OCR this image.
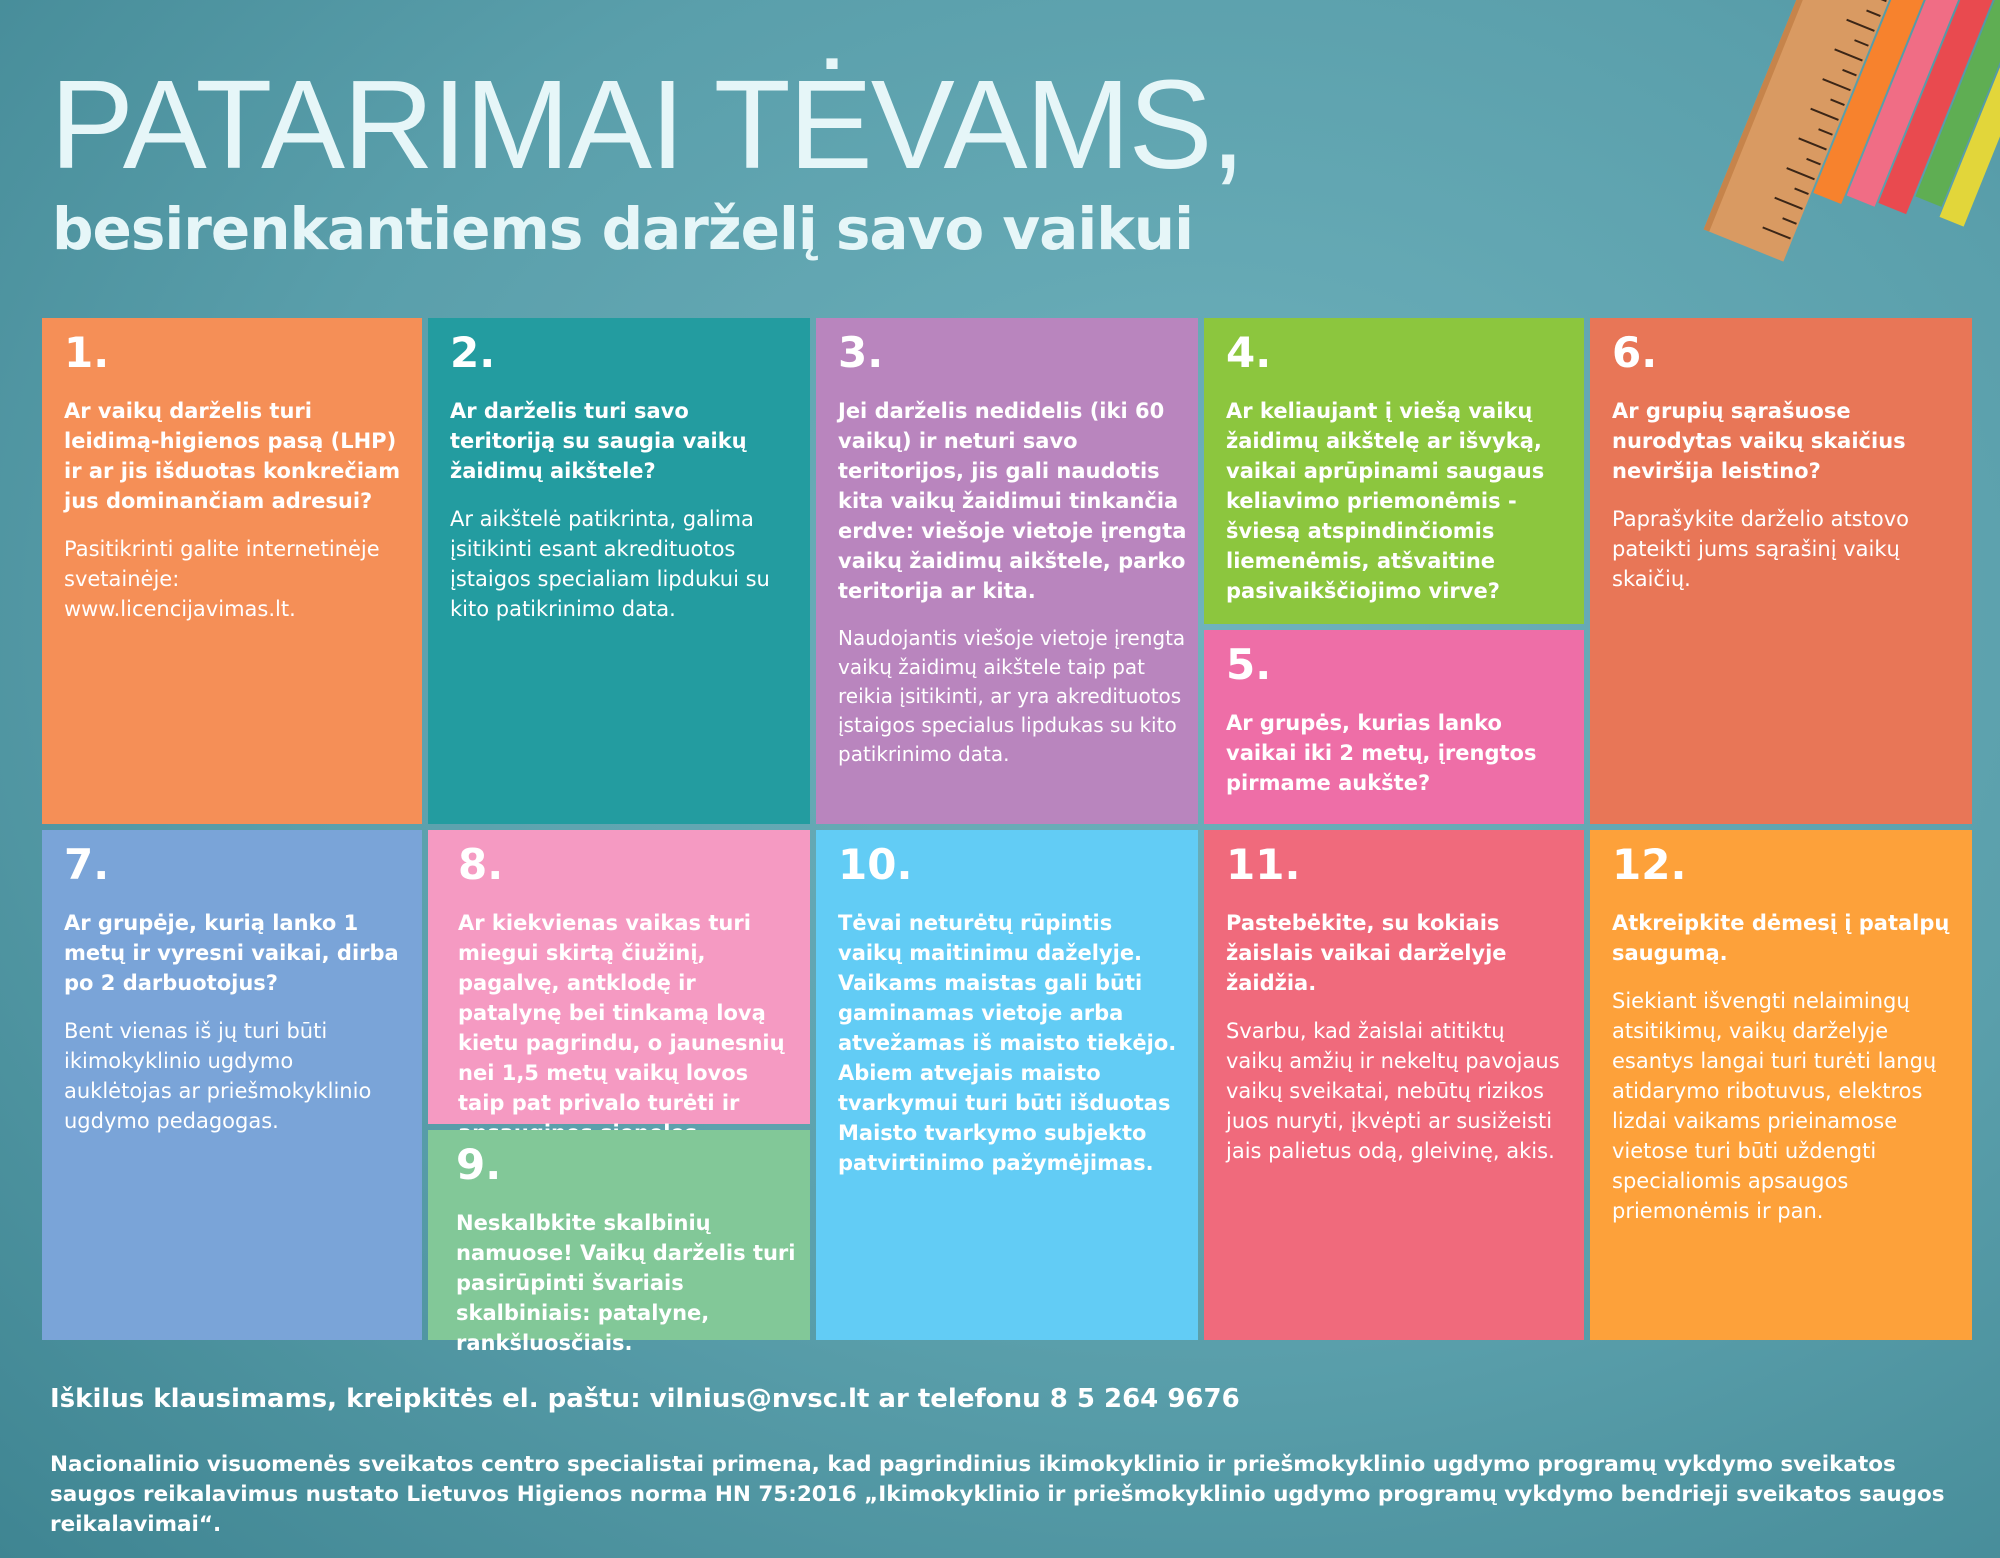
PATARIMAI TĖVAMS,
besirenkantiems darželį savo vaikui

1.

Ar vaikų darželis turi leidimą-higienos pasą (LHP) ir ar jis išduotas konkrečiam jus dominančiam adresui?

Pasitikrinti galite internetinėje svetainėje: www.licencijavimas.lt.

2.

Ar darželis turi savo teritoriją su saugia vaikų žaidimų aikštele?

Ar aikštelė patikrinta, galima įsitikinti esant akredituotos įstaigos specialiam lipdukui su kito patikrinimo data.

3.

Jei darželis nedidelis (iki 60 vaikų) ir neturi savo teritorijos, jis gali naudotis kita vaikų žaidimui tinkančia erdve: viešoje vietoje įrengta vaikų žaidimų aikštele, parko teritorija ar kita.

Naudojantis viešoje vietoje įrengta vaikų žaidimų aikštele taip pat reikia įsitikinti, ar yra akredituotos įstaigos specialus lipdukas su kito patikrinimo data.

4.

Ar keliaujant į viešą vaikų žaidimų aikštelę ar išvyką, vaikai aprūpinami saugaus keliavimo priemonėmis - šviesą atspindinčiomis liemenėmis, atšvaitine pasivaikščiojimo virve?

5.

Ar grupės, kurias lanko vaikai iki 2 metų, įrengtos pirmame aukšte?

6.

Ar grupių sąrašuose nurodytas vaikų skaičius neviršija leistino?

Paprašykite darželio atstovo pateikti jums sąrašinį vaikų skaičių.

7.

Ar grupėje, kurią lanko 1 metų ir vyresni vaikai, dirba po 2 darbuotojus?

Bent vienas iš jų turi būti ikimokyklinio ugdymo auklėtojas ar priešmokyklinio ugdymo pedagogas.

8.

Ar kiekvienas vaikas turi miegui skirtą čiužinį, pagalvę, antklodę ir patalynę bei tinkamą lovą kietu pagrindu, o jaunesnių nei 1,5 metų vaikų lovos taip pat privalo turėti ir

9.

Neskalbkite skalbinių namuose! Vaikų darželis turi pasirūpinti švariais skalbiniais: patalyne, rankšluosčiais.

10.

Tėvai neturėtų rūpintis vaikų maitinimu daželyje. Vaikams maistas gali būti gaminamas vietoje arba atvežamas iš maisto tiekėjo. Abiem atvejais maisto tvarkymui turi būti išduotas Maisto tvarkymo subjekto patvirtinimo pažymėjimas.

11.

Pastebėkite, su kokiais žaislais vaikai darželyje žaidžia.

Svarbu, kad žaislai atitiktų vaikų amžių ir nekeltų pavojaus vaikų sveikatai, nebūtų rizikos juos nuryti, įkvėpti ar susižeisti jais palietus odą, gleivinę, akis.

12.

Atkreipkite dėmesį į patalpų saugumą.

Siekiant išvengti nelaimingų atsitikimų, vaikų darželyje esantys langai turi turėti langų atidarymo ribotuvus, elektros lizdai vaikams prieinamose vietose turi būti uždengti specialiomis apsaugos priemonėmis ir pan.

Iškilus klausimams, kreipkitės el. paštu: vilnius@nvsc.lt ar telefonu 8 5 264 9676

Nacionalinio visuomenės sveikatos centro specialistai primena, kad pagrindinius ikimokyklinio ir priešmokyklinio ugdymo programų vykdymo sveikatos saugos reikalavimus nustato Lietuvos Higienos norma HN 75:2016 „Ikimokyklinio ir priešmokyklinio ugdymo programų vykdymo bendrieji sveikatos saugos reikalavimai“.
